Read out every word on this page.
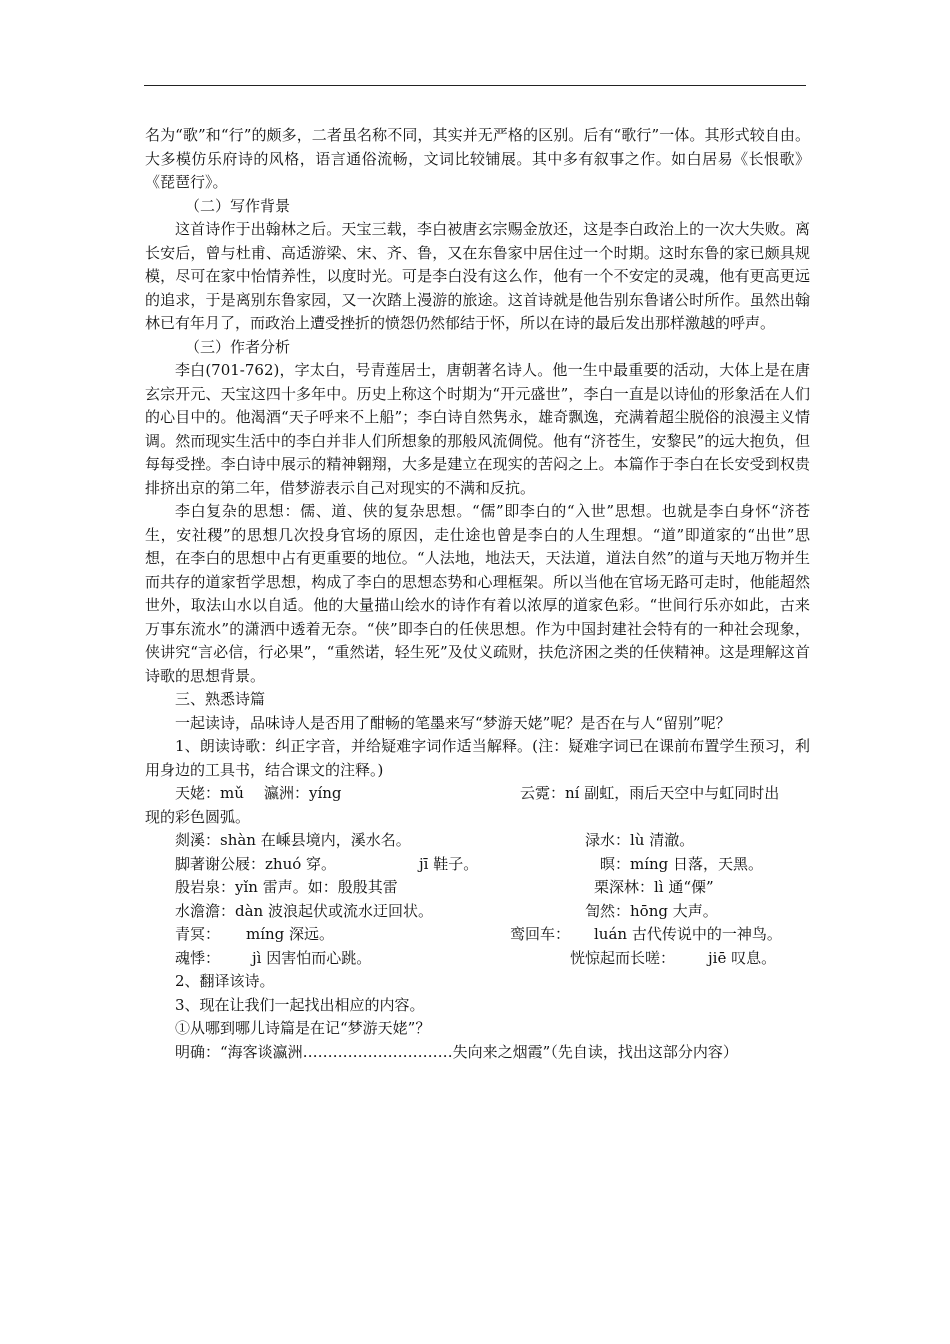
名为“歌”和“行”的颇多，二者虽名称不同，其实并无严格的区别。后有“歌行”一体。其形式较自由。大多模仿乐府诗的风格，语言通俗流畅，文词比较铺展。其中多有叙事之作。如白居易《长恨歌》《琵琶行》。

（二）写作背景

这首诗作于出翰林之后。天宝三载，李白被唐玄宗赐金放还，这是李白政治上的一次大失败。离长安后，曾与杜甫、高适游梁、宋、齐、鲁，又在东鲁家中居住过一个时期。这时东鲁的家已颇具规模，尽可在家中怡情养性，以度时光。可是李白没有这么作，他有一个不安定的灵魂，他有更高更远的追求，于是离别东鲁家园，又一次踏上漫游的旅途。这首诗就是他告别东鲁诸公时所作。虽然出翰林已有年月了，而政治上遭受挫折的愤怨仍然郁结于怀，所以在诗的最后发出那样激越的呼声。

（三）作者分析

李白(701-762)，字太白，号青莲居士，唐朝著名诗人。他一生中最重要的活动，大体上是在唐玄宗开元、天宝这四十多年中。历史上称这个时期为“开元盛世”，李白一直是以诗仙的形象活在人们的心目中的。他渴酒“天子呼来不上船”；李白诗自然隽永，雄奇飘逸，充满着超尘脱俗的浪漫主义情调。然而现实生活中的李白并非人们所想象的那般风流倜傥。他有“济苍生，安黎民”的远大抱负，但每每受挫。李白诗中展示的精神翱翔，大多是建立在现实的苦闷之上。本篇作于李白在长安受到权贵排挤出京的第二年，借梦游表示自己对现实的不满和反抗。

李白复杂的思想：儒、道、侠的复杂思想。“儒”即李白的“入世”思想。也就是李白身怀“济苍生，安社稷”的思想几次投身官场的原因，走仕途也曾是李白的人生理想。“道”即道家的“出世”思想，在李白的思想中占有更重要的地位。“人法地，地法天，天法道，道法自然”的道与天地万物并生而共存的道家哲学思想，构成了李白的思想态势和心理框架。所以当他在官场无路可走时，他能超然世外，取法山水以自适。他的大量描山绘水的诗作有着以浓厚的道家色彩。“世间行乐亦如此，古来万事东流水”的潇洒中透着无奈。“侠”即李白的任侠思想。作为中国封建社会特有的一种社会现象，侠讲究“言必信，行必果”，“重然诺，轻生死”及仗义疏财，扶危济困之类的任侠精神。这是理解这首诗歌的思想背景。

三、熟悉诗篇

一起读诗，品味诗人是否用了酣畅的笔墨来写“梦游天姥”呢？是否在与人“留别”呢？

1、朗读诗歌：纠正字音，并给疑难字词作适当解释。(注：疑难字词已在课前布置学生预习，利用身边的工具书，结合课文的注释。)

天姥：mǔ 瀛洲：yíng	云霓：ní 副虹，雨后天空中与虹同时出

现的彩色圆弧。

剡溪：shàn 在嵊县境内，溪水名。	渌水：lù 清澈。
脚著谢公屐：zhuó 穿。	jī 鞋子。	暝：míng 日落，天黑。
殷岩泉：yǐn 雷声。如：殷殷其雷	栗深林：lì 通“傈”
水澹澹：dàn 波浪起伏或流水迂回状。	訇然：hōng 大声。
青冥： míng 深远。	鸾回车： luán 古代传说中的一神鸟。
魂悸： jì 因害怕而心跳。	恍惊起而长嗟： jiē 叹息。

2、翻译该诗。

3、现在让我们一起找出相应的内容。

①从哪到哪儿诗篇是在记“梦游天姥”？

明确：“海客谈瀛洲…………………………失向来之烟霞”（先自读，找出这部分内容）
